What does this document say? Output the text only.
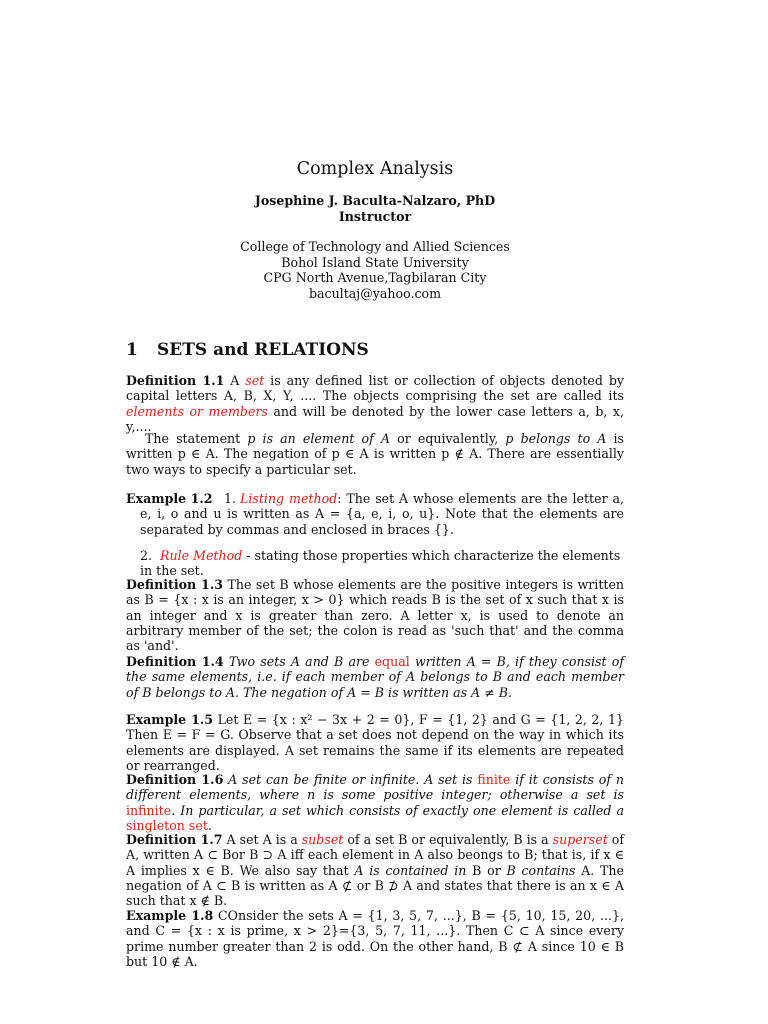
Complex Analysis
Josephine J. Baculta-Nalzaro, PhD
Instructor
College of Technology and Allied Sciences
Bohol Island State University
CPG North Avenue,Tagbilaran City
bacultaj@yahoo.com
1 SETS and RELATIONS

Definition 1.1 A set is any defined list or collection of objects denoted by capital letters A, B, X, Y, .... The objects comprising the set are called its elements or members and will be denoted by the lower case letters a, b, x, y,....

The statement p is an element of A or equivalently, p belongs to A is written p ∈ A. The negation of p ∈ A is written p ∉ A. There are essentially two ways to specify a particular set.

Example 1.2 1. Listing method: The set A whose elements are the letter a, e, i, o and u is written as A = {a, e, i, o, u}. Note that the elements are separated by commas and enclosed in braces {}.

2. Rule Method - stating those properties which characterize the elements in the set.

Definition 1.3 The set B whose elements are the positive integers is written as B = {x : x is an integer, x > 0} which reads B is the set of x such that x is an integer and x is greater than zero. A letter x, is used to denote an arbitrary member of the set; the colon is read as 'such that' and the comma as 'and'.

Definition 1.4 Two sets A and B are equal written A = B, if they consist of the same elements, i.e. if each member of A belongs to B and each member of B belongs to A. The negation of A = B is written as A ≠ B.

Example 1.5 Let E = {x : x² − 3x + 2 = 0}, F = {1, 2} and G = {1, 2, 2, 1} Then E = F = G. Observe that a set does not depend on the way in which its elements are displayed. A set remains the same if its elements are repeated or rearranged.

Definition 1.6 A set can be finite or infinite. A set is finite if it consists of n different elements, where n is some positive integer; otherwise a set is infinite. In particular, a set which consists of exactly one element is called a singleton set.

Definition 1.7 A set A is a subset of a set B or equivalently, B is a superset of A, written A ⊂ Bor B ⊃ A iff each element in A also beongs to B; that is, if x ∈ A implies x ∈ B. We also say that A is contained in B or B contains A. The negation of A ⊂ B is written as A ⊄ or B ⊅ A and states that there is an x ∈ A such that x ∉ B.

Example 1.8 COnsider the sets A = {1, 3, 5, 7, ...}, B = {5, 10, 15, 20, ...}, and C = {x : x is prime, x > 2}={3, 5, 7, 11, ...}. Then C ⊂ A since every prime number greater than 2 is odd. On the other hand, B ⊄ A since 10 ∈ B but 10 ∉ A.
